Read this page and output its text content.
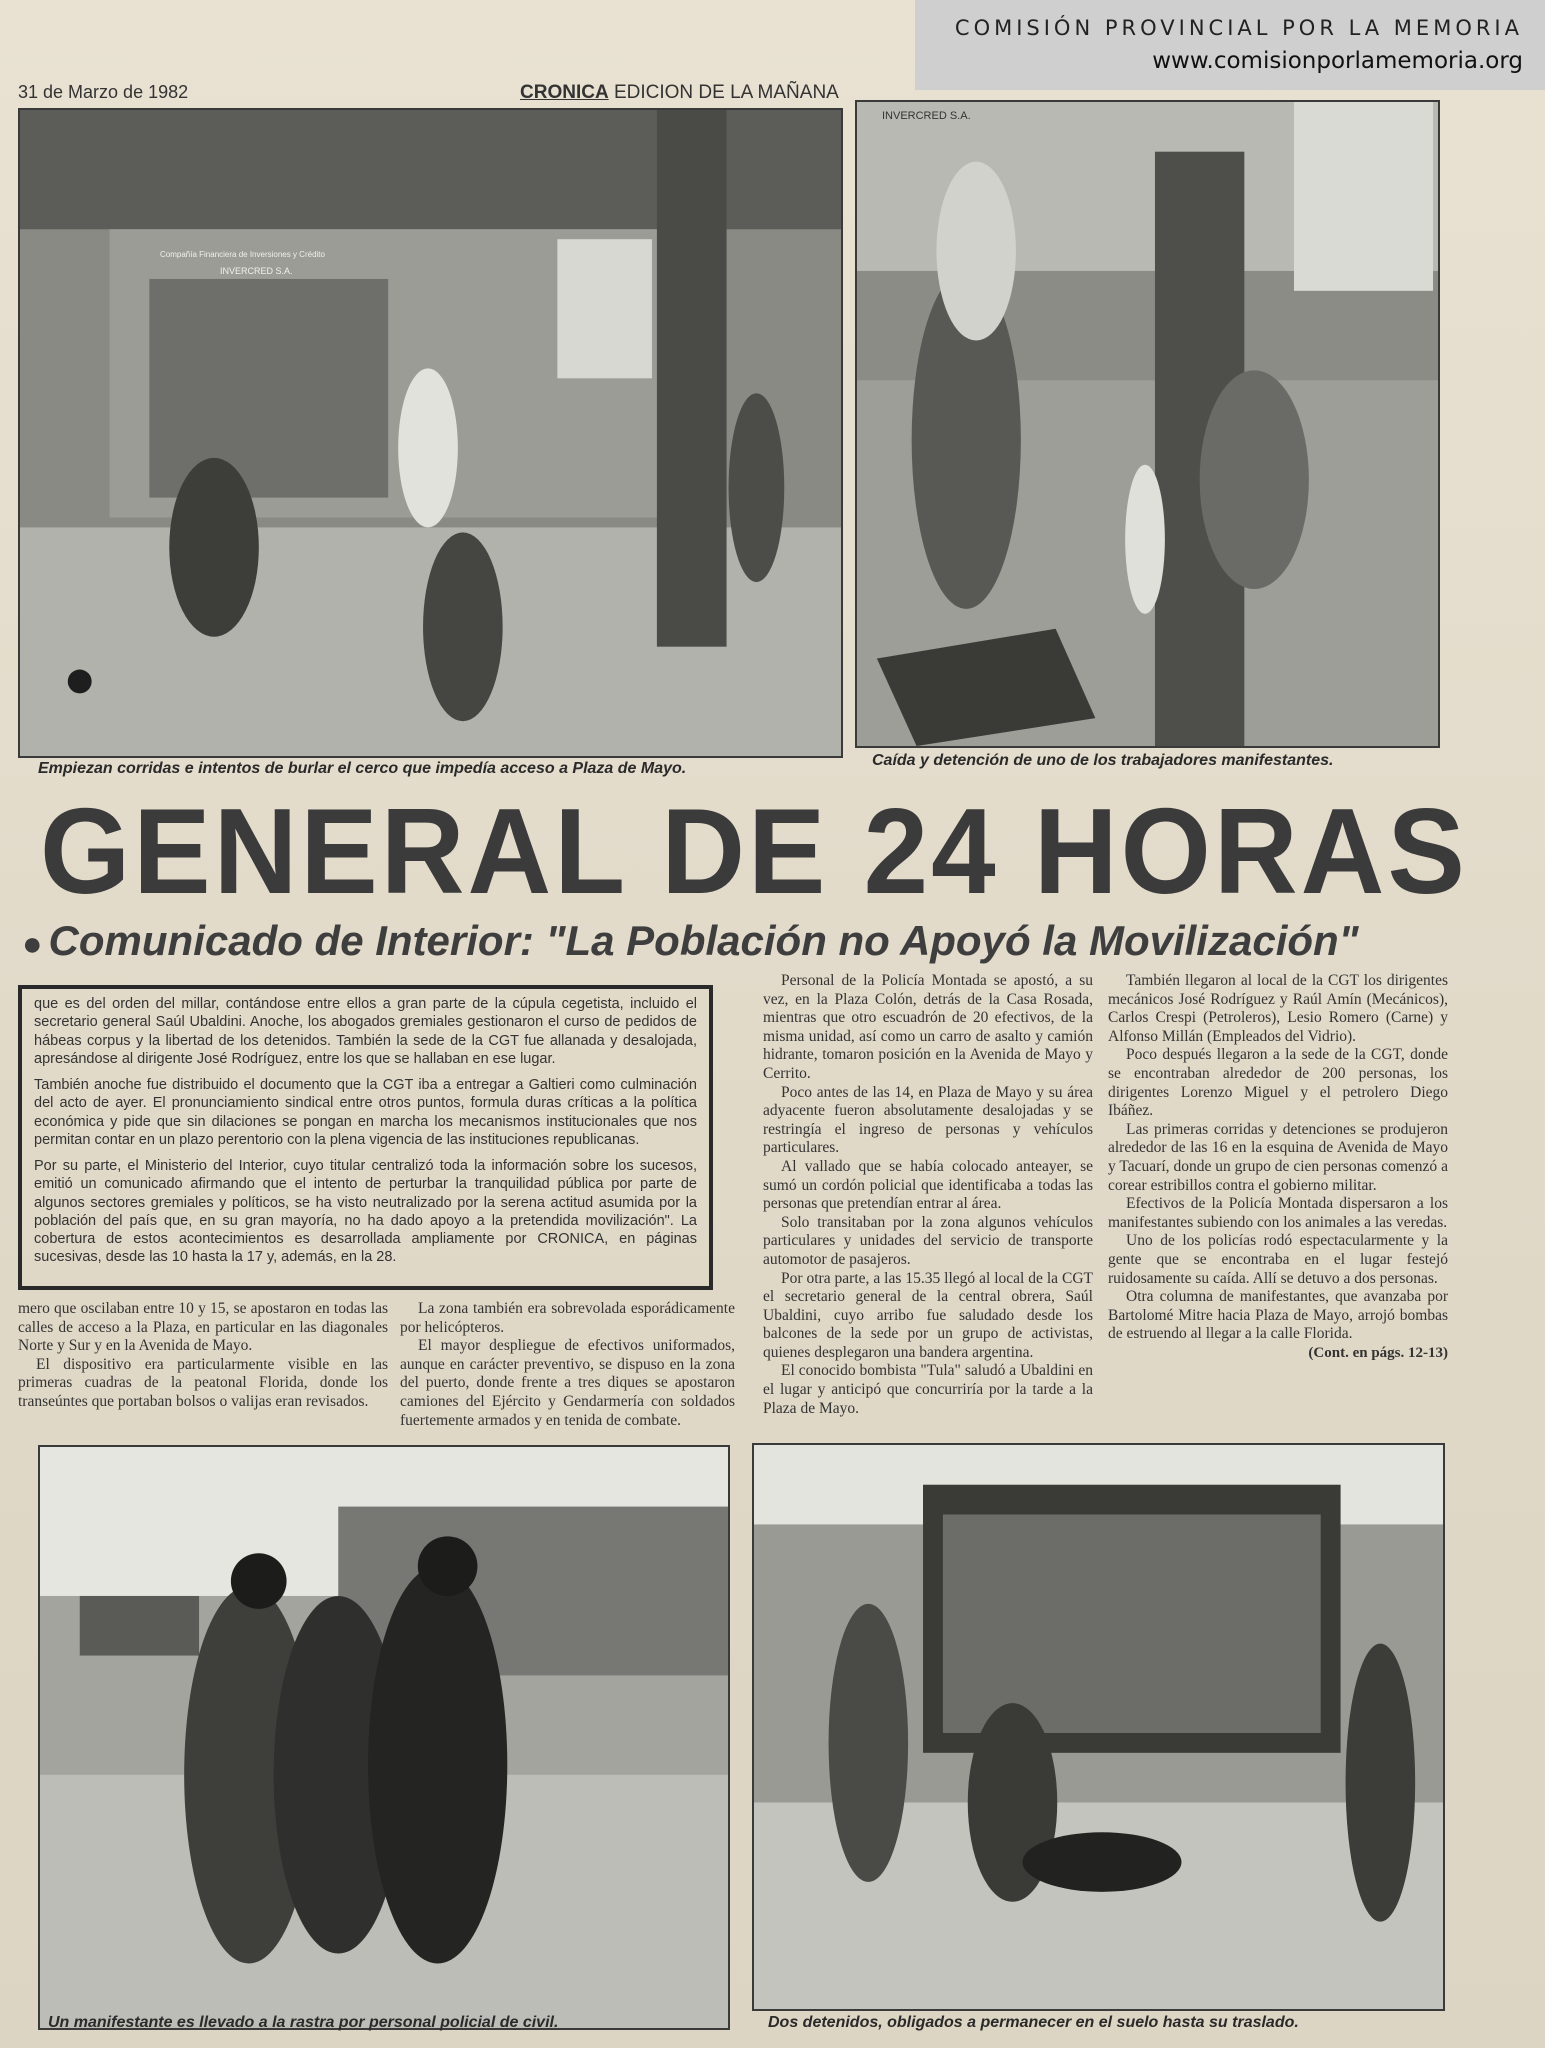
COMISIÓN PROVINCIAL POR LA MEMORIA
www.comisionporlamemoria.org
31 de Marzo de 1982	CRONICA EDICION DE LA MAÑANA
Compañía Financiera de Inversiones y Crédito
INVERCRED S.A.
Empiezan corridas e intentos de burlar el cerco que impedía acceso a Plaza de Mayo.
INVERCRED S.A.
Caída y detención de uno de los trabajadores manifestantes.
GENERAL DE 24 HORAS
● Comunicado de Interior: "La Población no Apoyó la Movilización"

que es del orden del millar, contándose entre ellos a gran parte de la cúpula cegetista, incluido el secretario general Saúl Ubaldini. Anoche, los abogados gremiales gestionaron el curso de pedidos de hábeas corpus y la libertad de los detenidos. También la sede de la CGT fue allanada y desalojada, apresándose al dirigente José Rodríguez, entre los que se hallaban en ese lugar.

También anoche fue distribuido el documento que la CGT iba a entregar a Galtieri como culminación del acto de ayer. El pronunciamiento sindical entre otros puntos, formula duras críticas a la política económica y pide que sin dilaciones se pongan en marcha los mecanismos institucionales que nos permitan contar en un plazo perentorio con la plena vigencia de las instituciones republicanas.

Por su parte, el Ministerio del Interior, cuyo titular centralizó toda la información sobre los sucesos, emitió un comunicado afirmando que el intento de perturbar la tranquilidad pública por parte de algunos sectores gremiales y políticos, se ha visto neutralizado por la serena actitud asumida por la población del país que, en su gran mayoría, no ha dado apoyo a la pretendida movilización". La cobertura de estos acontecimientos es desarrollada ampliamente por CRONICA, en páginas sucesivas, desde las 10 hasta la 17 y, además, en la 28.

mero que oscilaban entre 10 y 15, se apostaron en todas las calles de acceso a la Plaza, en particular en las diagonales Norte y Sur y en la Avenida de Mayo.

El dispositivo era particularmente visible en las primeras cuadras de la peatonal Florida, donde los transeúntes que portaban bolsos o valijas eran revisados.

La zona también era sobrevolada esporádicamente por helicópteros.

El mayor despliegue de efectivos uniformados, aunque en carácter preventivo, se dispuso en la zona del puerto, donde frente a tres diques se apostaron camiones del Ejército y Gendarmería con soldados fuertemente armados y en tenida de combate.

Personal de la Policía Montada se apostó, a su vez, en la Plaza Colón, detrás de la Casa Rosada, mientras que otro escuadrón de 20 efectivos, de la misma unidad, así como un carro de asalto y camión hidrante, tomaron posición en la Avenida de Mayo y Cerrito.

Poco antes de las 14, en Plaza de Mayo y su área adyacente fueron absolutamente desalojadas y se restringía el ingreso de personas y vehículos particulares.

Al vallado que se había colocado anteayer, se sumó un cordón policial que identificaba a todas las personas que pretendían entrar al área.

Solo transitaban por la zona algunos vehículos particulares y unidades del servicio de transporte automotor de pasajeros.

Por otra parte, a las 15.35 llegó al local de la CGT el secretario general de la central obrera, Saúl Ubaldini, cuyo arribo fue saludado desde los balcones de la sede por un grupo de activistas, quienes desplegaron una bandera argentina.

El conocido bombista "Tula" saludó a Ubaldini en el lugar y anticipó que concurriría por la tarde a la Plaza de Mayo.

También llegaron al local de la CGT los dirigentes mecánicos José Rodríguez y Raúl Amín (Mecánicos), Carlos Crespi (Petroleros), Lesio Romero (Carne) y Alfonso Millán (Empleados del Vidrio).

Poco después llegaron a la sede de la CGT, donde se encontraban alrededor de 200 personas, los dirigentes Lorenzo Miguel y el petrolero Diego Ibáñez.

Las primeras corridas y detenciones se produjeron alrededor de las 16 en la esquina de Avenida de Mayo y Tacuarí, donde un grupo de cien personas comenzó a corear estribillos contra el gobierno militar.

Efectivos de la Policía Montada dispersaron a los manifestantes subiendo con los animales a las veredas.

Uno de los policías rodó espectacularmente y la gente que se encontraba en el lugar festejó ruidosamente su caída. Allí se detuvo a dos personas.

Otra columna de manifestantes, que avanzaba por Bartolomé Mitre hacia Plaza de Mayo, arrojó bombas de estruendo al llegar a la calle Florida.

(Cont. en págs. 12-13)

Un manifestante es llevado a la rastra por personal policial de civil.	Dos detenidos, obligados a permanecer en el suelo hasta su traslado.
